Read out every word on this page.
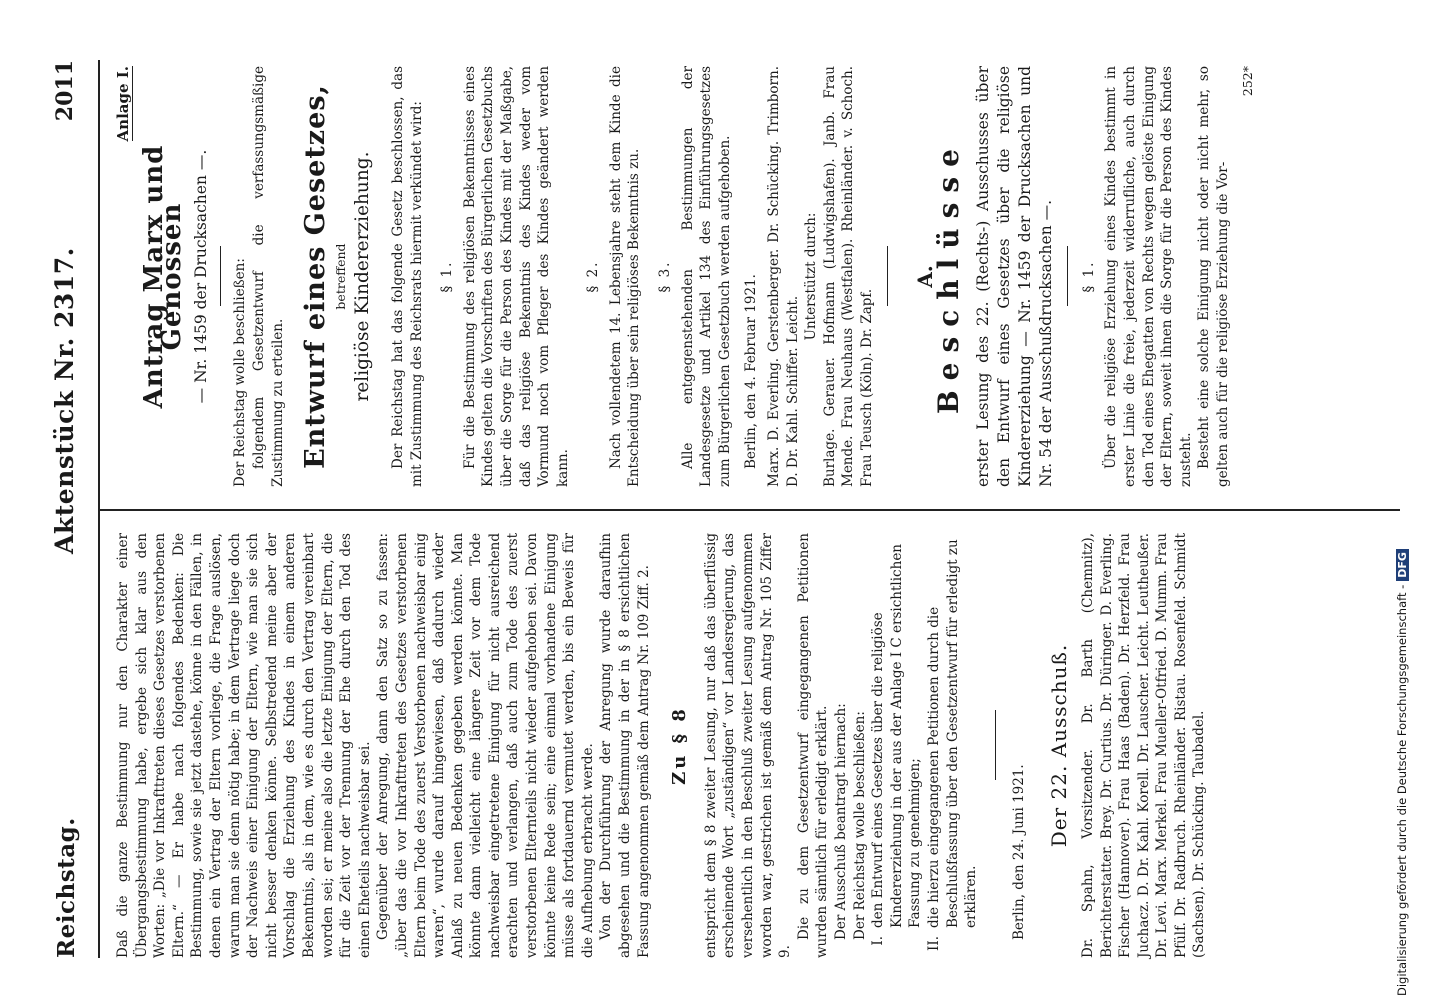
Reichstag.
Aktenstück Nr. 2317.
2011

Daß die ganze Bestimmung nur den Charakter einer Übergangsbestimmung habe, ergebe sich klar aus den Worten: „Die vor Inkrafttreten dieses Gesetzes verstorbenen Eltern.“ — Er habe nach folgendes Bedenken: Die Bestimmung, sowie sie jetzt dastehe, könne in den Fällen, in denen ein Vertrag der Eltern vorliege, die Frage auslösen, warum man sie denn nötig habe; in dem Vertrage liege doch der Nachweis einer Einigung der Eltern, wie man sie sich nicht besser denken könne. Selbstredend meine aber der Vorschlag die Erziehung des Kindes in einem anderen Bekenntnis, als in dem, wie es durch den Vertrag vereinbart worden sei; er meine also die letzte Einigung der Eltern, die für die Zeit vor der Trennung der Ehe durch den Tod des einen Eheteils nachweisbar sei. Gegenüber der Anregung, dann den Satz so zu fassen: „über das die vor Inkrafttreten des Gesetzes verstorbenen Eltern beim Tode des zuerst Verstorbenen nachweisbar einig waren“, wurde darauf hingewiesen, daß dadurch wieder Anlaß zu neuen Bedenken gegeben werden könnte. Man könnte dann vielleicht eine längere Zeit vor dem Tode nachweisbar eingetretene Einigung für nicht ausreichend erachten und verlangen, daß auch zum Tode des zuerst verstorbenen Elternteils nicht wieder aufgehoben sei. Davon könnte keine Rede sein; eine einmal vorhandene Einigung müsse als fortdauernd vermutet werden, bis ein Beweis für die Aufhebung erbracht werde. Von der Durchführung der Anregung wurde daraufhin abgesehen und die Bestimmung in der in § 8 ersichtlichen Fassung angenommen gemäß dem Antrag Nr. 109 Ziff. 2. Zu § 8 entspricht dem § 8 zweiter Lesung, nur daß das überflüssig erscheinende Wort „zuständigen“ vor Landesregierung, das versehentlich in den Beschluß zweiter Lesung aufgenommen worden war, gestrichen ist gemäß dem Antrag Nr. 105 Ziffer 9.

Die zu dem Gesetzentwurf eingegangenen Petitionen wurden sämtlich für erledigt erklärt. Der Ausschuß beantragt hiernach: Der Reichstag wolle beschließen:

I.
den Entwurf eines Gesetzes über die religiöse Kindererziehung in der aus der Anlage I C ersichtlichen Fassung zu genehmigen;
II.
die hierzu eingegangenen Petitionen durch die Beschlußfassung über den Gesetzentwurf für erledigt zu erklären. Berlin, den 24. Juni 1921.

Der 22. Ausschuß. Dr. Spahn, Vorsitzender. Dr. Barth (Chemnitz), Berichterstatter. Brey. Dr. Curtius. Dr. Düringer. D. Everling. Fischer (Hannover). Frau Haas (Baden). Dr. Herzfeld. Frau Juchacz. D. Dr. Kahl. Korell. Dr. Lauscher. Leicht. Leutheußer. Dr. Levi. Marx. Merkel. Frau Mueller-Otfried. D. Mumm. Frau Pfülf. Dr. Radbruch. Rheinländer. Ristau. Rosenfeld. Schmidt (Sachsen). Dr. Schücking. Taubadel.

Anlage I.
Antrag Marx und Genossen — Nr. 1459 der Drucksachen —. Der Reichstag wolle beschließen: folgendem Gesetzentwurf die verfassungsmäßige Zustimmung zu erteilen. Entwurf eines Gesetzes, betreffend religiöse Kindererziehung. Der Reichstag hat das folgende Gesetz beschlossen, das mit Zustimmung des Reichsrats hiermit verkündet wird: § 1. Für die Bestimmung des religiösen Bekenntnisses eines Kindes gelten die Vorschriften des Bürgerlichen Gesetzbuchs über die Sorge für die Person des Kindes mit der Maßgabe, daß das religiöse Bekenntnis des Kindes weder vom Vormund noch vom Pfleger des Kindes geändert werden kann.

§ 2. Nach vollendetem 14. Lebensjahre steht dem Kinde die Entscheidung über sein religiöses Bekenntnis zu. § 3. Alle entgegenstehenden Bestimmungen der Landesgesetze und Artikel 134 des Einführungsgesetzes zum Bürgerlichen Gesetzbuch werden aufgehoben. Berlin, den 4. Februar 1921. Marx. D. Everling. Gerstenberger. Dr. Schücking. Trimborn. D. Dr. Kahl. Schiffer. Leicht.

Unterstützt durch: Burlage. Gerauer. Hofmann (Ludwigshafen). Janb. Frau Mende. Frau Neuhaus (Westfalen). Rheinländer. v. Schoch. Frau Teusch (Köln). Dr. Zapf.

A.
Beschlüsse erster Lesung des 22. (Rechts-) Ausschusses über den Entwurf eines Gesetzes über die religiöse Kindererziehung — Nr. 1459 der Drucksachen und Nr. 54 der Ausschußdrucksachen —. § 1. Über die religiöse Erziehung eines Kindes bestimmt in erster Linie die freie, jederzeit widerrufliche, auch durch den Tod eines Ehegatten von Rechts wegen gelöste Einigung der Eltern, soweit ihnen die Sorge für die Person des Kindes zusteht. Besteht eine solche Einigung nicht oder nicht mehr, so gelten auch für die religiöse Erziehung die Vor-

252*
Digitalisierung gefördert durch die Deutsche Forschungsgemeinschaft -DFG
